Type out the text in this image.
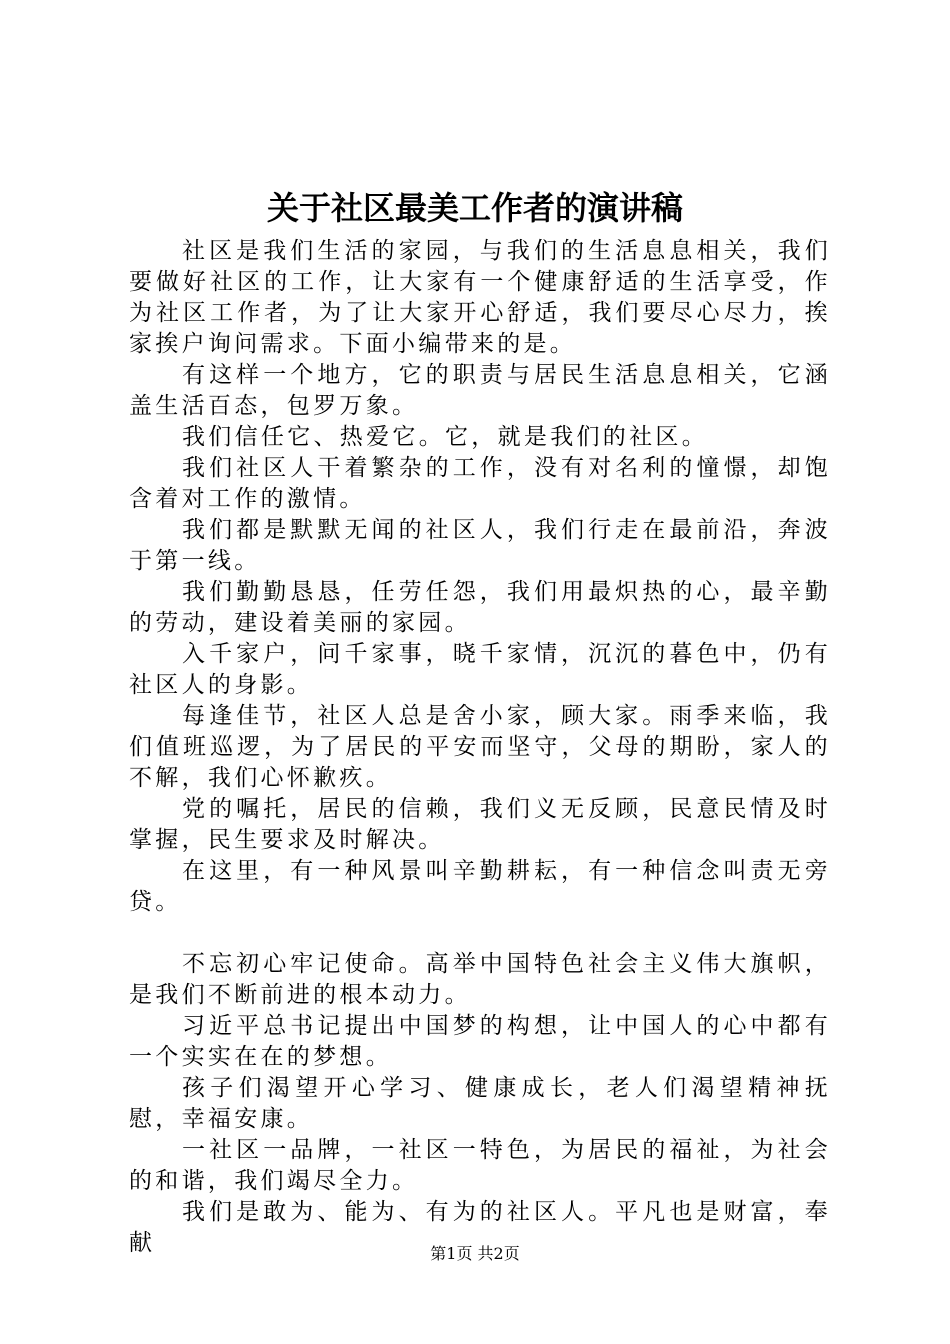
关于社区最美工作者的演讲稿

社区是我们生活的家园，与我们的生活息息相关，我们要做好社区的工作，让大家有一个健康舒适的生活享受，作为社区工作者，为了让大家开心舒适，我们要尽心尽力，挨家挨户询问需求。下面小编带来的是。

有这样一个地方，它的职责与居民生活息息相关，它涵盖生活百态，包罗万象。

我们信任它、热爱它。它，就是我们的社区。

我们社区人干着繁杂的工作，没有对名利的憧憬，却饱含着对工作的激情。

我们都是默默无闻的社区人，我们行走在最前沿，奔波于第一线。

我们勤勤恳恳，任劳任怨，我们用最炽热的心，最辛勤的劳动，建设着美丽的家园。

入千家户，问千家事，晓千家情，沉沉的暮色中，仍有社区人的身影。

每逢佳节，社区人总是舍小家，顾大家。雨季来临，我们值班巡逻，为了居民的平安而坚守，父母的期盼，家人的不解，我们心怀歉疚。

党的嘱托，居民的信赖，我们义无反顾，民意民情及时掌握，民生要求及时解决。

在这里，有一种风景叫辛勤耕耘，有一种信念叫责无旁贷。

不忘初心牢记使命。高举中国特色社会主义伟大旗帜，是我们不断前进的根本动力。

习近平总书记提出中国梦的构想，让中国人的心中都有一个实实在在的梦想。

孩子们渴望开心学习、健康成长，老人们渴望精神抚慰，幸福安康。

一社区一品牌，一社区一特色，为居民的福祉，为社会的和谐，我们竭尽全力。

我们是敢为、能为、有为的社区人。平凡也是财富，奉献	第1页 共2页
